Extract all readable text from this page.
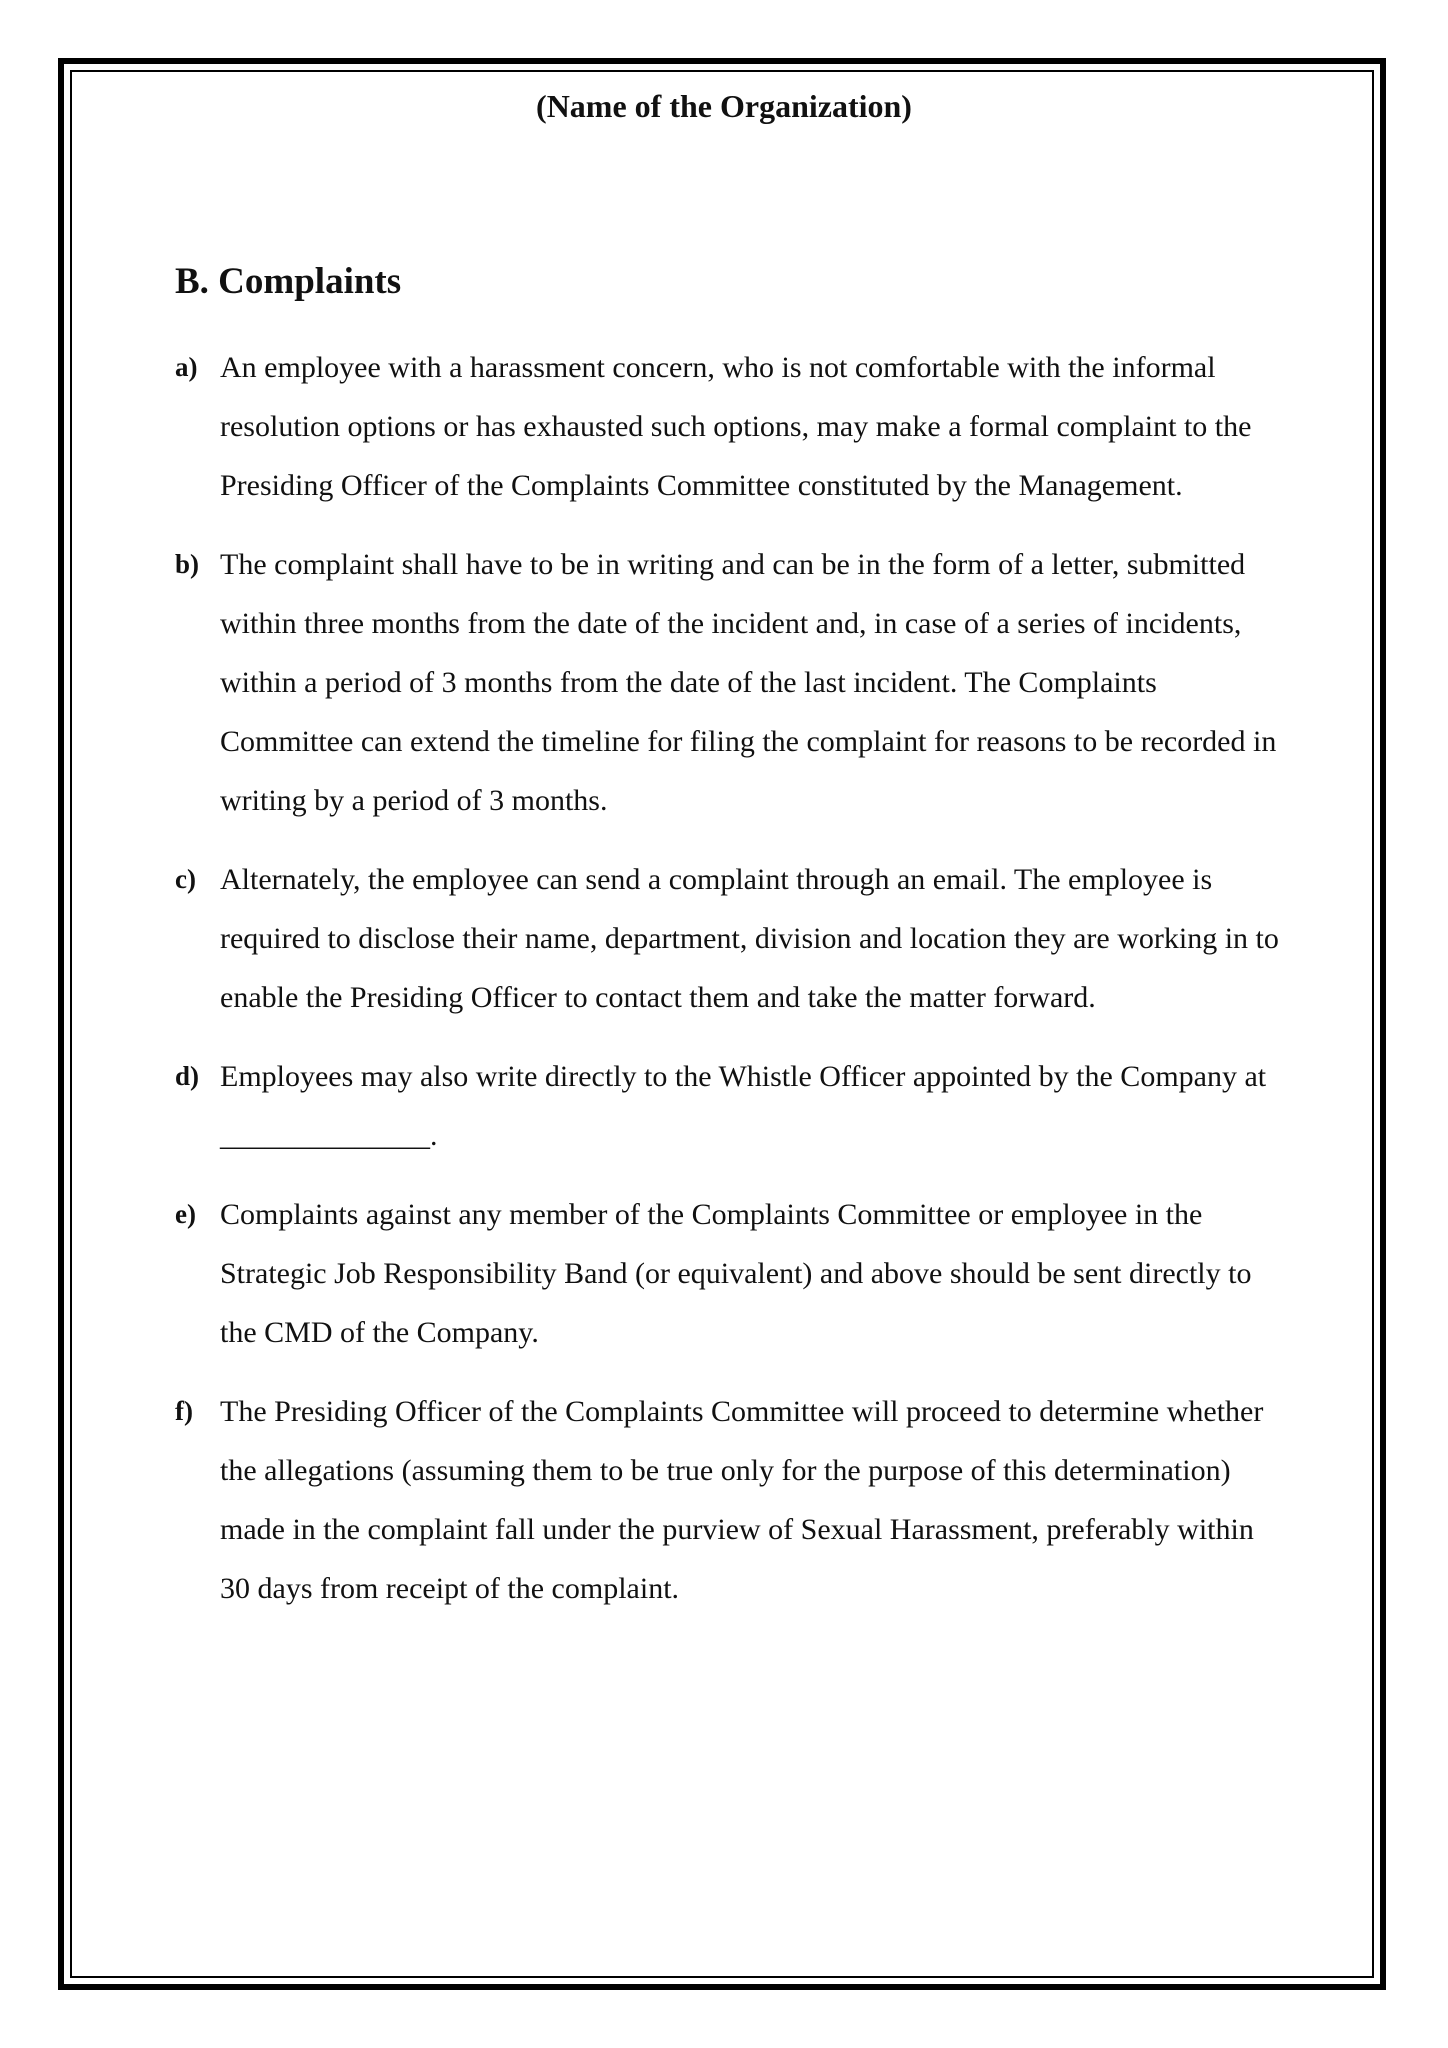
(Name of the Organization)
B. Complaints
a) An employee with a harassment concern, who is not comfortable with the informal resolution options or has exhausted such options, may make a formal complaint to the Presiding Officer of the Complaints Committee constituted by the Management.
b) The complaint shall have to be in writing and can be in the form of a letter, submitted within three months from the date of the incident and, in case of a series of incidents, within a period of 3 months from the date of the last incident. The Complaints Committee can extend the timeline for filing the complaint for reasons to be recorded in writing by a period of 3 months.
c) Alternately, the employee can send a complaint through an email. The employee is required to disclose their name, department, division and location they are working in to enable the Presiding Officer to contact them and take the matter forward.
d) Employees may also write directly to the Whistle Officer appointed by the Company at ______________.
e) Complaints against any member of the Complaints Committee or employee in the Strategic Job Responsibility Band (or equivalent) and above should be sent directly to the CMD of the Company.
f) The Presiding Officer of the Complaints Committee will proceed to determine whether the allegations (assuming them to be true only for the purpose of this determination) made in the complaint fall under the purview of Sexual Harassment, preferably within 30 days from receipt of the complaint.
